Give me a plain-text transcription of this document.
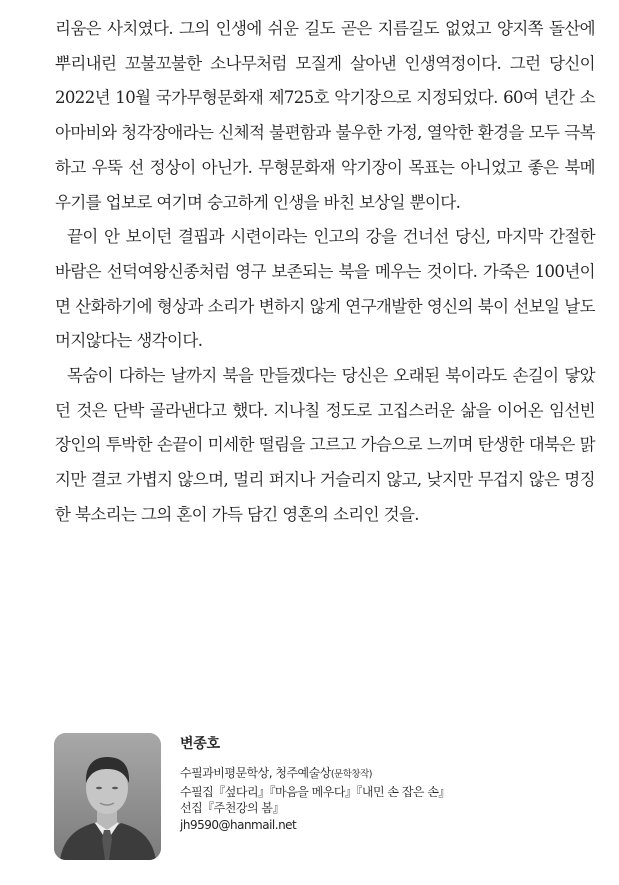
리움은 사치였다. 그의 인생에 쉬운 길도 곧은 지름길도 없었고 양지쪽 돌산에 뿌리내린 꼬불꼬불한 소나무처럼 모질게 살아낸 인생역정이다. 그런 당신이 2022년 10월 국가무형문화재 제725호 악기장으로 지정되었다. 60여 년간 소아마비와 청각장애라는 신체적 불편함과 불우한 가정, 열악한 환경을 모두 극복하고 우뚝 선 정상이 아닌가. 무형문화재 악기장이 목표는 아니었고 좋은 북메우기를 업보로 여기며 숭고하게 인생을 바친 보상일 뿐이다.

끝이 안 보이던 결핍과 시련이라는 인고의 강을 건너선 당신, 마지막 간절한 바람은 선덕여왕신종처럼 영구 보존되는 북을 메우는 것이다. 가죽은 100년이면 산화하기에 형상과 소리가 변하지 않게 연구개발한 영신의 북이 선보일 날도 머지않다는 생각이다.

목숨이 다하는 날까지 북을 만들겠다는 당신은 오래된 북이라도 손길이 닿았던 것은 단박 골라낸다고 했다. 지나칠 정도로 고집스러운 삶을 이어온 임선빈 장인의 투박한 손끝이 미세한 떨림을 고르고 가슴으로 느끼며 탄생한 대북은 맑지만 결코 가볍지 않으며, 멀리 퍼지나 거슬리지 않고, 낮지만 무겁지 않은 명징한 북소리는 그의 혼이 가득 담긴 영혼의 소리인 것을.

변종호

수필과비평문학상, 청주예술상(문학창작)

수필집『섶다리』『마음을 메우다』『내민 손 잡은 손』

선집『주천강의 봄』

jh9590@hanmail.net
